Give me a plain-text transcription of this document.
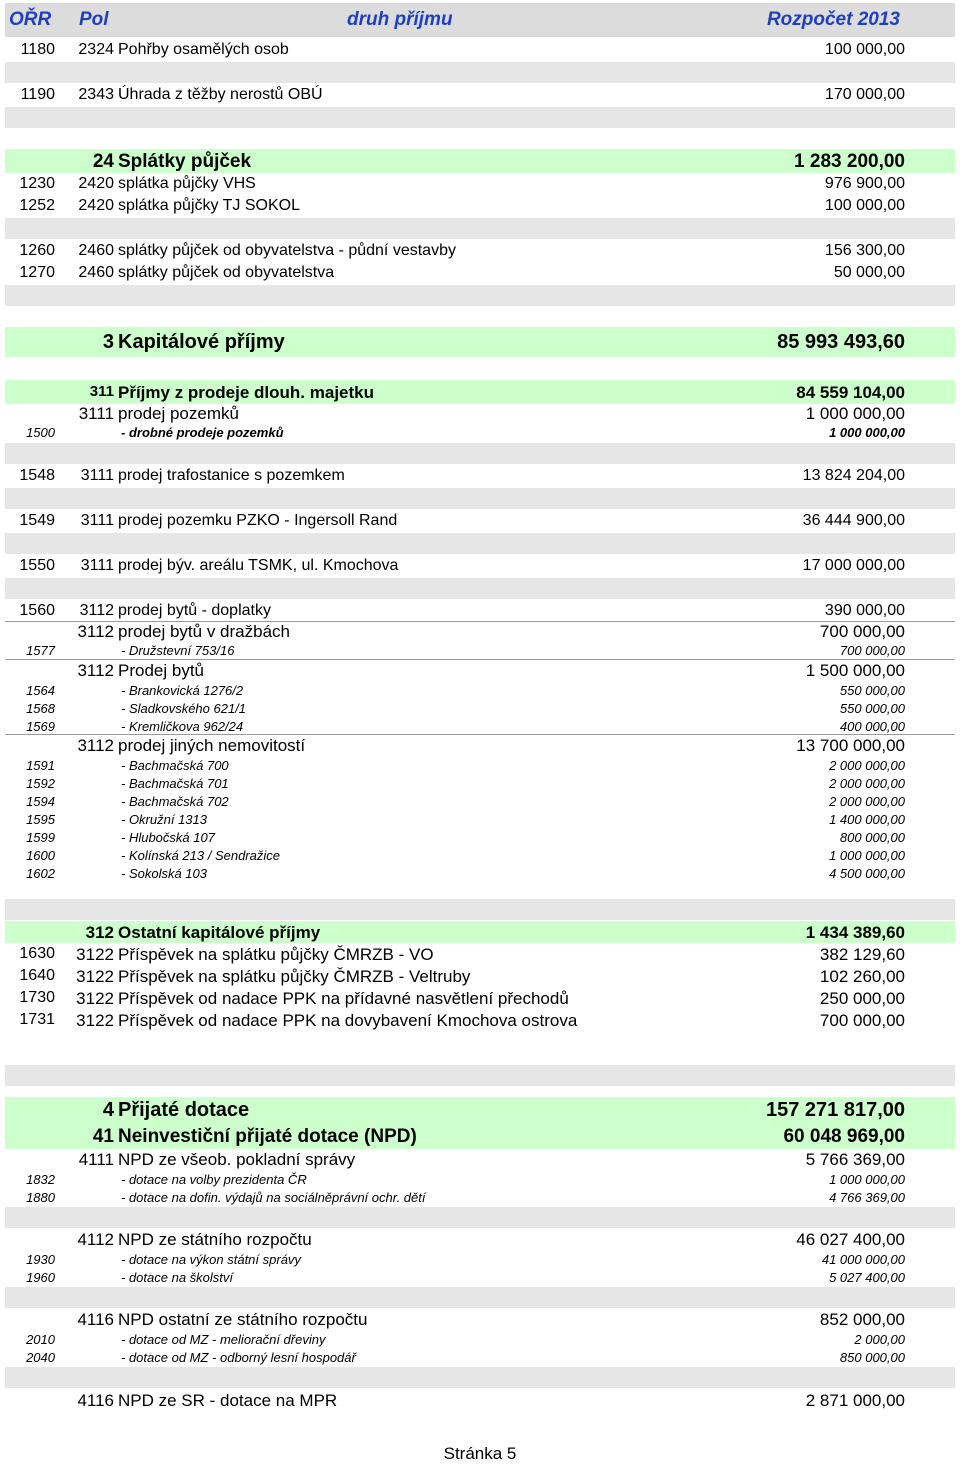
OŘR Pol	druh příjmu	Rozpočet 2013
1180	2324 Pohřby osamělých osob	100 000,00
1190	2343 Úhrada z těžby nerostů OBÚ	170 000,00
24 Splátky půjček	1 283 200,00
1230	2420 splátka půjčky VHS	976 900,00
1252	2420 splátka půjčky TJ SOKOL	100 000,00
1260	2460 splátky půjček od obyvatelstva - půdní vestavby	156 300,00
1270	2460 splátky půjček od obyvatelstva	50 000,00
3 Kapitálové příjmy	85 993 493,60
311 Příjmy z prodeje dlouh. majetku	84 559 104,00
3111 prodej pozemků	1 000 000,00
1500	- drobné prodeje pozemků	1 000 000,00
1548	3111 prodej trafostanice s pozemkem	13 824 204,00
1549	3111 prodej pozemku PZKO - Ingersoll Rand	36 444 900,00
1550	3111 prodej býv. areálu TSMK, ul. Kmochova	17 000 000,00
1560	3112 prodej bytů - doplatky	390 000,00
3112 prodej bytů v dražbách	700 000,00
1577	- Družstevní 753/16	700 000,00
3112 Prodej bytů	1 500 000,00
1564	- Brankovická 1276/2	550 000,00
1568	- Sladkovského 621/1	550 000,00
1569	- Kremličkova 962/24	400 000,00
3112 prodej jiných nemovitostí	13 700 000,00
1591	- Bachmačská 700	2 000 000,00
1592	- Bachmačská 701	2 000 000,00
1594	- Bachmačská 702	2 000 000,00
1595	- Okružní 1313	1 400 000,00
1599	- Hlubočská 107	800 000,00
1600	- Kolínská 213 / Sendražice	1 000 000,00
1602	- Sokolská 103	4 500 000,00
312 Ostatní kapitálové příjmy	1 434 389,60
1630	3122 Příspěvek na splátku půjčky ČMRZB - VO	382 129,60
1640	3122 Příspěvek na splátku půjčky ČMRZB - Veltruby	102 260,00
1730	3122 Příspěvek od nadace PPK na přídavné nasvětlení přechodů	250 000,00
1731	3122 Příspěvek od nadace PPK na dovybavení Kmochova ostrova	700 000,00
4 Přijaté dotace	157 271 817,00
41 Neinvestiční přijaté dotace (NPD)	60 048 969,00
4111 NPD ze všeob. pokladní správy	5 766 369,00
1832	- dotace na volby prezidenta ČR	1 000 000,00
1880	- dotace na dofin. výdajů na sociálněprávní ochr. dětí	4 766 369,00
4112 NPD ze státního rozpočtu	46 027 400,00
1930	- dotace na výkon státní správy	41 000 000,00
1960	- dotace na školství	5 027 400,00
4116 NPD ostatní ze státního rozpočtu	852 000,00
2010	- dotace od MZ - meliorační dřeviny	2 000,00
2040	- dotace od MZ - odborný lesní hospodář	850 000,00
4116 NPD ze SR - dotace na MPR	2 871 000,00
Stránka 5
